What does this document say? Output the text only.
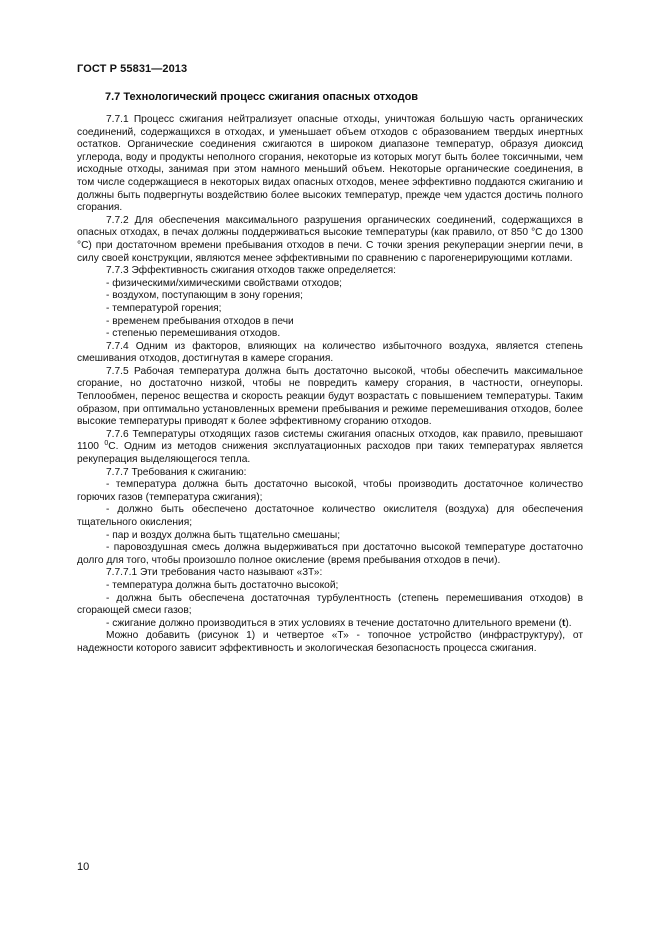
ГОСТ Р 55831—2013
7.7 Технологический процесс сжигания опасных отходов

7.7.1 Процесс сжигания нейтрализует опасные отходы, уничтожая большую часть органических соединений, содержащихся в отходах, и уменьшает объем отходов с образованием твердых инертных остатков. Органические соединения сжигаются в широком диапазоне температур, образуя диоксид углерода, воду и продукты неполного сгорания, некоторые из которых могут быть более токсичными, чем исходные отходы, занимая при этом намного меньший объем. Некоторые органические соединения, в том числе содержащиеся в некоторых видах опасных отходов, менее эффективно поддаются сжиганию и должны быть подвергнуты воздействию более высоких температур, прежде чем удастся достичь полного сгорания.

7.7.2 Для обеспечения максимального разрушения органических соединений, содержащихся в опасных отходах, в печах должны поддерживаться высокие температуры (как правило, от 850 °С до 1300 °С) при достаточном времени пребывания отходов в печи. С точки зрения рекуперации энергии печи, в силу своей конструкции, являются менее эффективными по сравнению с парогенерирующими котлами.

7.7.3 Эффективность сжигания отходов также определяется:

- физическими/химическими свойствами отходов;

- воздухом, поступающим в зону горения;

- температурой горения;

- временем пребывания отходов в печи

- степенью перемешивания отходов.

7.7.4 Одним из факторов, влияющих на количество избыточного воздуха, является степень смешивания отходов, достигнутая в камере сгорания.

7.7.5 Рабочая температура должна быть достаточно высокой, чтобы обеспечить максимальное сгорание, но достаточно низкой, чтобы не повредить камеру сгорания, в частности, огнеупоры. Теплообмен, перенос вещества и скорость реакции будут возрастать с повышением температуры. Таким образом, при оптимально установленных времени пребывания и режиме перемешивания отходов, более высокие температуры приводят к более эффективному сгоранию отходов.

7.7.6 Температуры отходящих газов системы сжигания опасных отходов, как правило, превышают 1100 $^0$С. Одним из методов снижения эксплуатационных расходов при таких температурах является рекуперация выделяющегося тепла.

7.7.7 Требования к сжиганию:

- температура должна быть достаточно высокой, чтобы производить достаточное количество горючих газов (температура сжигания);

- должно быть обеспечено достаточное количество окислителя (воздуха) для обеспечения тщательного окисления;

- пар и воздух должна быть тщательно смешаны;

- паровоздушная смесь должна выдерживаться при достаточно высокой температуре достаточно долго для того, чтобы произошло полное окисление (время пребывания отходов в печи).

7.7.7.1 Эти требования часто называют «3Т»:

- температура должна быть достаточно высокой;

- должна быть обеспечена достаточная турбулентность (степень перемешивания отходов) в сгорающей смеси газов;

- сжигание должно производиться в этих условиях в течение достаточно длительного времени (t).

Можно добавить (рисунок 1) и четвертое «Т» - топочное устройство (инфраструктуру), от надежности которого зависит эффективность и экологическая безопасность процесса сжигания.

10
